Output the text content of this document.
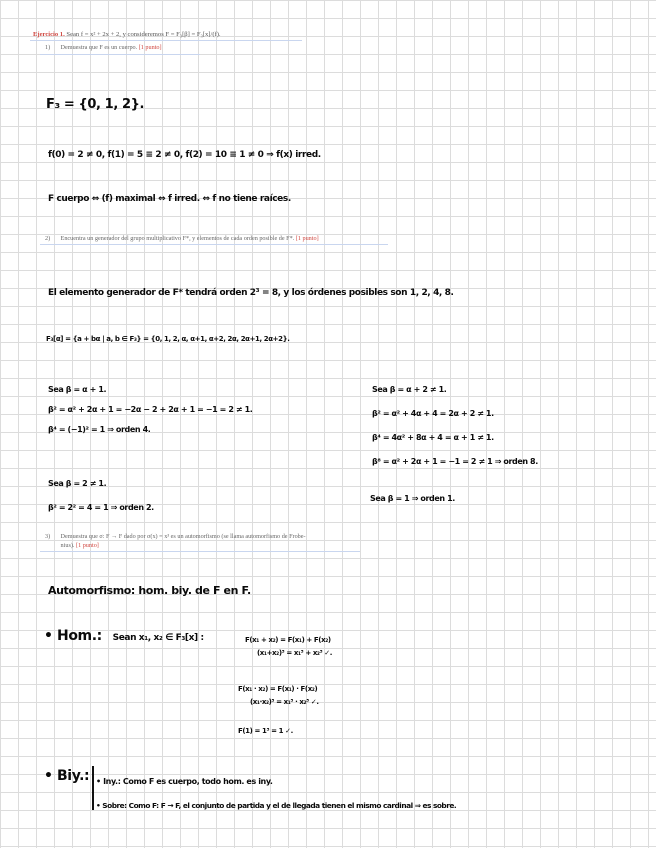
Ejercicio 1. Sean f = x² + 2x + 2, y consideremos F = F₃[β] = F₃[x]/(f).
1) Demuestra que F es un cuerpo. [1 punto]
F₃ = {0, 1, 2}.
f(0) = 2 ≠ 0, f(1) = 5 ≡ 2 ≠ 0, f(2) = 10 ≡ 1 ≠ 0 ⇒ f(x) irred.
F cuerpo ⇔ (f) maximal ⇔ f irred. ⇔ f no tiene raíces.
2) Encuentra un generador del grupo multiplicativo F*, y elementos de cada orden posible de F*. [1 punto]
El elemento generador de F* tendrá orden 2³ = 8, y los órdenes posibles son 1, 2, 4, 8.
F₃[α] = {a + bα | a, b ∈ F₃} = {0, 1, 2, α, α+1, α+2, 2α, 2α+1, 2α+2}.
Sea β = α + 1.
β² = α² + 2α + 1 = −2α − 2 + 2α + 1 = −1 = 2 ≠ 1.
β⁴ = (−1)² = 1 ⇒ orden 4.
Sea β = 2 ≠ 1.
β² = 2² = 4 = 1 ⇒ orden 2.
Sea β = α + 2 ≠ 1.
β² = α² + 4α + 4 = 2α + 2 ≠ 1.
β⁴ = 4α² + 8α + 4 = α + 1 ≠ 1.
β⁸ = α² + 2α + 1 = −1 = 2 ≠ 1 ⇒ orden 8.
Sea β = 1 ⇒ orden 1.
3) Demuestra que σ: F → F dado por σ(x) = x³ es un automorfismo (se llama automorfismo de Frobe-
nius). [1 punto]
Automorfismo: hom. biy. de F en F.
• Hom.: Sean x₁, x₂ ∈ F₃[x] :	F(x₁ + x₂) = F(x₁) + F(x₂)
(x₁+x₂)³ = x₁³ + x₂³ ✓.
F(x₁ · x₂) = F(x₁) · F(x₂)
(x₁·x₂)³ = x₁³ · x₂³ ✓.
F(1) = 1³ = 1 ✓.
• Biy.: • Iny.: Como F es cuerpo, todo hom. es iny.
• Sobre: Como F: F → F, el conjunto de partida y el de llegada tienen el mismo cardinal ⇒ es sobre.
